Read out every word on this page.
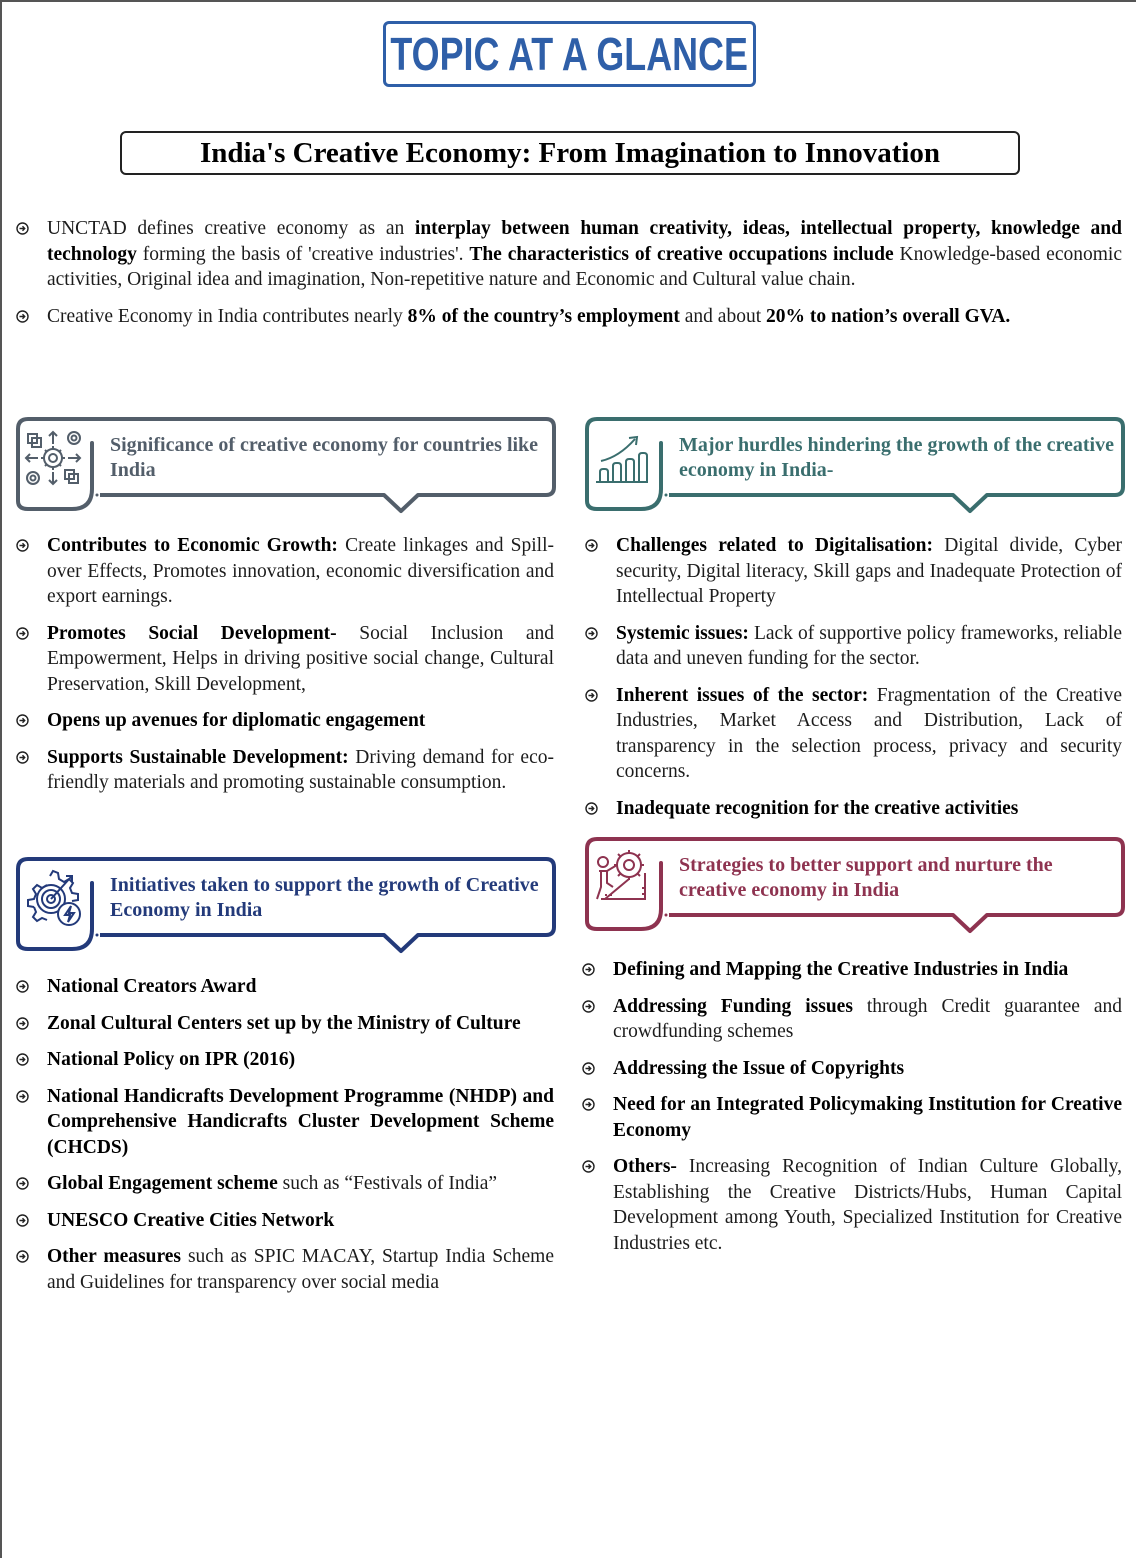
TOPIC AT A GLANCE
India's Creative Economy: From Imagination to Innovation
UNCTAD defines creative economy as an interplay between human creativity, ideas, intellectual property, knowledge and technology forming the basis of 'creative industries'. The characteristics of creative occupations include Knowledge-based economic activities, Original idea and imagination, Non-repetitive nature and Economic and Cultural value chain.
Creative Economy in India contributes nearly 8% of the country’s employment and about 20% to nation’s overall GVA.
Significance of creative economy for countries like India
Major hurdles hindering the growth of the creative economy in India-
Initiatives taken to support the growth of Creative Economy in India
Strategies to better support and nurture the creative economy in India
Contributes to Economic Growth: Create linkages and Spill-over Effects, Promotes innovation, economic diversification and export earnings.
Promotes Social Development- Social Inclusion and Empowerment, Helps in driving positive social change, Cultural Preservation, Skill Development,
Opens up avenues for diplomatic engagement
Supports Sustainable Development: Driving demand for eco-friendly materials and promoting sustainable consumption.
Challenges related to Digitalisation: Digital divide, Cyber security, Digital literacy, Skill gaps and Inadequate Protection of Intellectual Property
Systemic issues: Lack of supportive policy frameworks, reliable data and uneven funding for the sector.
Inherent issues of the sector: Fragmentation of the Creative Industries, Market Access and Distribution, Lack of transparency in the selection process, privacy and security concerns.
Inadequate recognition for the creative activities
National Creators Award
Zonal Cultural Centers set up by the Ministry of Culture
National Policy on IPR (2016)
National Handicrafts Development Programme (NHDP) and Comprehensive Handicrafts Cluster Development Scheme (CHCDS)
Global Engagement scheme such as “Festivals of India”
UNESCO Creative Cities Network
Other measures such as SPIC MACAY, Startup India Scheme and Guidelines for transparency over social media
Defining and Mapping the Creative Industries in India
Addressing Funding issues through Credit guarantee and crowdfunding schemes
Addressing the Issue of Copyrights
Need for an Integrated Policymaking Institution for Creative Economy
Others- Increasing Recognition of Indian Culture Globally, Establishing the Creative Districts/Hubs, Human Capital Development among Youth, Specialized Institution for Creative Industries etc.
